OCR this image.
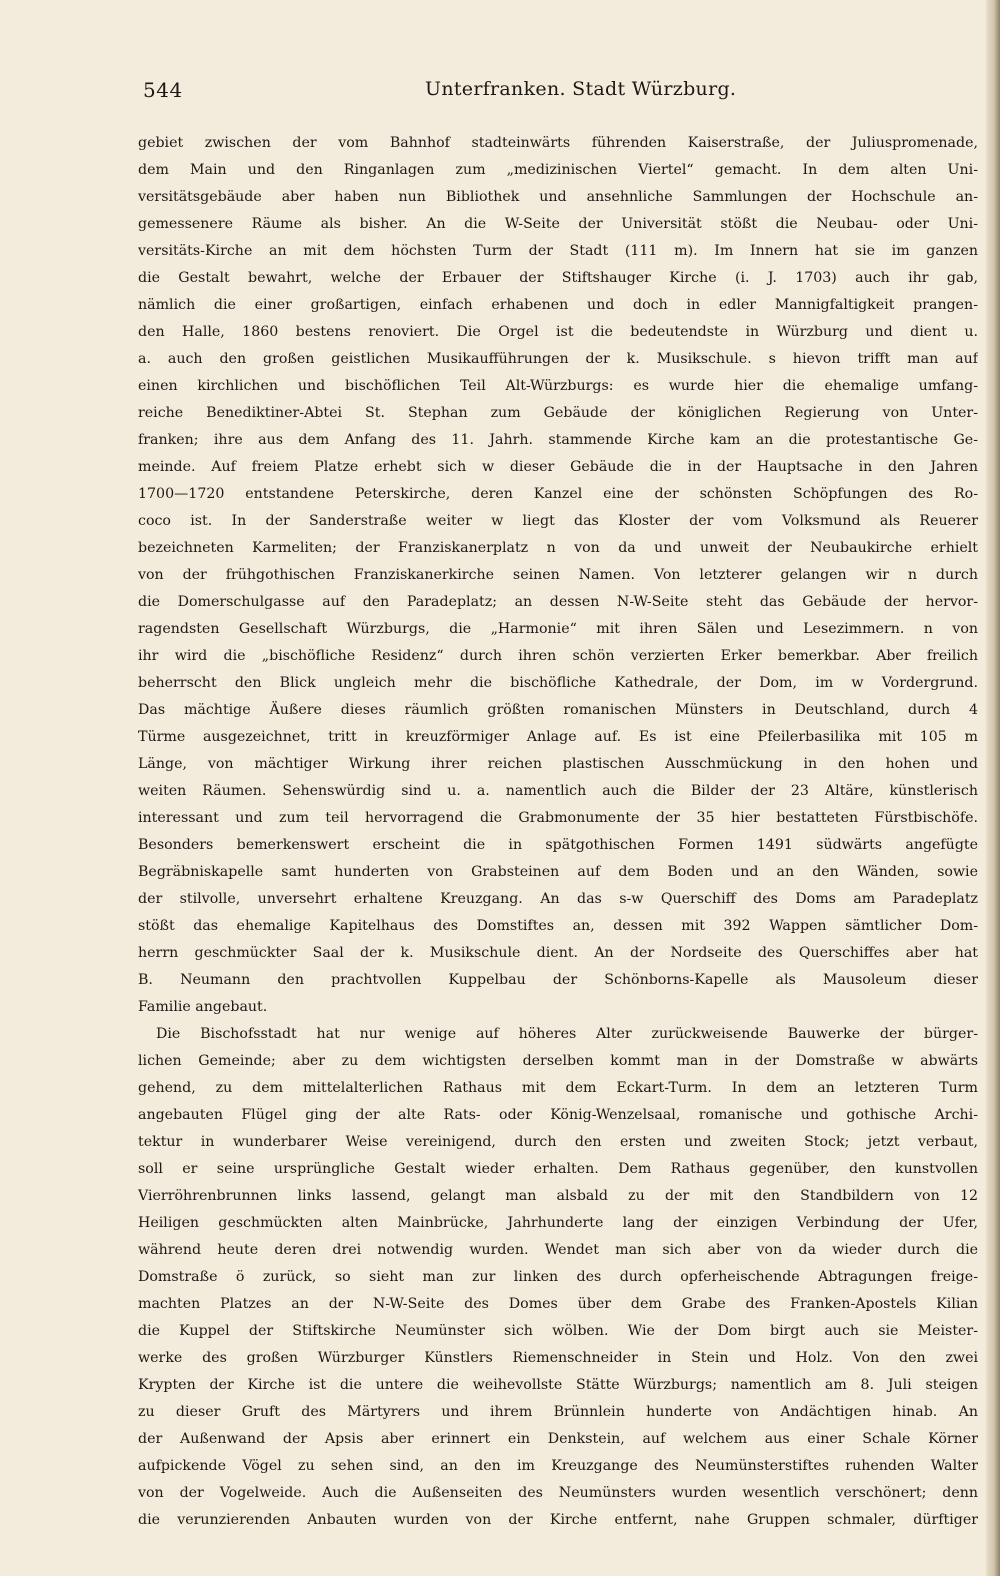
544	Unterfranken. Stadt Würzburg.
gebiet zwischen der vom Bahnhof stadteinwärts führenden Kaiserstraße, der Juliuspromenade,
dem Main und den Ringanlagen zum „medizinischen Viertel“ gemacht. In dem alten Uni-
versitätsgebäude aber haben nun Bibliothek und ansehnliche Sammlungen der Hochschule an-
gemessenere Räume als bisher. An die W-Seite der Universität stößt die Neubau- oder Uni-
versitäts-Kirche an mit dem höchsten Turm der Stadt (111 m). Im Innern hat sie im ganzen
die Gestalt bewahrt, welche der Erbauer der Stiftshauger Kirche (i. J. 1703) auch ihr gab,
nämlich die einer großartigen, einfach erhabenen und doch in edler Mannigfaltigkeit prangen-
den Halle, 1860 bestens renoviert. Die Orgel ist die bedeutendste in Würzburg und dient u.
a. auch den großen geistlichen Musikaufführungen der k. Musikschule. s hievon trifft man auf
einen kirchlichen und bischöflichen Teil Alt-Würzburgs: es wurde hier die ehemalige umfang-
reiche Benediktiner-Abtei St. Stephan zum Gebäude der königlichen Regierung von Unter-
franken; ihre aus dem Anfang des 11. Jahrh. stammende Kirche kam an die protestantische Ge-
meinde. Auf freiem Platze erhebt sich w dieser Gebäude die in der Hauptsache in den Jahren
1700—1720 entstandene Peterskirche, deren Kanzel eine der schönsten Schöpfungen des Ro-
coco ist. In der Sanderstraße weiter w liegt das Kloster der vom Volksmund als Reuerer
bezeichneten Karmeliten; der Franziskanerplatz n von da und unweit der Neubaukirche erhielt
von der frühgothischen Franziskanerkirche seinen Namen. Von letzterer gelangen wir n durch
die Domerschulgasse auf den Paradeplatz; an dessen N-W-Seite steht das Gebäude der hervor-
ragendsten Gesellschaft Würzburgs, die „Harmonie“ mit ihren Sälen und Lesezimmern. n von
ihr wird die „bischöfliche Residenz“ durch ihren schön verzierten Erker bemerkbar. Aber freilich
beherrscht den Blick ungleich mehr die bischöfliche Kathedrale, der Dom, im w Vordergrund.
Das mächtige Äußere dieses räumlich größten romanischen Münsters in Deutschland, durch 4
Türme ausgezeichnet, tritt in kreuzförmiger Anlage auf. Es ist eine Pfeilerbasilika mit 105 m
Länge, von mächtiger Wirkung ihrer reichen plastischen Ausschmückung in den hohen und
weiten Räumen. Sehenswürdig sind u. a. namentlich auch die Bilder der 23 Altäre, künstlerisch
interessant und zum teil hervorragend die Grabmonumente der 35 hier bestatteten Fürstbischöfe.
Besonders bemerkenswert erscheint die in spätgothischen Formen 1491 südwärts angefügte
Begräbniskapelle samt hunderten von Grabsteinen auf dem Boden und an den Wänden, sowie
der stilvolle, unversehrt erhaltene Kreuzgang. An das s-w Querschiff des Doms am Paradeplatz
stößt das ehemalige Kapitelhaus des Domstiftes an, dessen mit 392 Wappen sämtlicher Dom-
herrn geschmückter Saal der k. Musikschule dient. An der Nordseite des Querschiffes aber hat
B. Neumann den prachtvollen Kuppelbau der Schönborns-Kapelle als Mausoleum dieser
Familie angebaut.
Die Bischofsstadt hat nur wenige auf höheres Alter zurückweisende Bauwerke der bürger-
lichen Gemeinde; aber zu dem wichtigsten derselben kommt man in der Domstraße w abwärts
gehend, zu dem mittelalterlichen Rathaus mit dem Eckart-Turm. In dem an letzteren Turm
angebauten Flügel ging der alte Rats- oder König-Wenzelsaal, romanische und gothische Archi-
tektur in wunderbarer Weise vereinigend, durch den ersten und zweiten Stock; jetzt verbaut,
soll er seine ursprüngliche Gestalt wieder erhalten. Dem Rathaus gegenüber, den kunstvollen
Vierröhrenbrunnen links lassend, gelangt man alsbald zu der mit den Standbildern von 12
Heiligen geschmückten alten Mainbrücke, Jahrhunderte lang der einzigen Verbindung der Ufer,
während heute deren drei notwendig wurden. Wendet man sich aber von da wieder durch die
Domstraße ö zurück, so sieht man zur linken des durch opferheischende Abtragungen freige-
machten Platzes an der N-W-Seite des Domes über dem Grabe des Franken-Apostels Kilian
die Kuppel der Stiftskirche Neumünster sich wölben. Wie der Dom birgt auch sie Meister-
werke des großen Würzburger Künstlers Riemenschneider in Stein und Holz. Von den zwei
Krypten der Kirche ist die untere die weihevollste Stätte Würzburgs; namentlich am 8. Juli steigen
zu dieser Gruft des Märtyrers und ihrem Brünnlein hunderte von Andächtigen hinab. An
der Außenwand der Apsis aber erinnert ein Denkstein, auf welchem aus einer Schale Körner
aufpickende Vögel zu sehen sind, an den im Kreuzgange des Neumünsterstiftes ruhenden Walter
von der Vogelweide. Auch die Außenseiten des Neumünsters wurden wesentlich verschönert; denn
die verunzierenden Anbauten wurden von der Kirche entfernt, nahe Gruppen schmaler, dürftiger
